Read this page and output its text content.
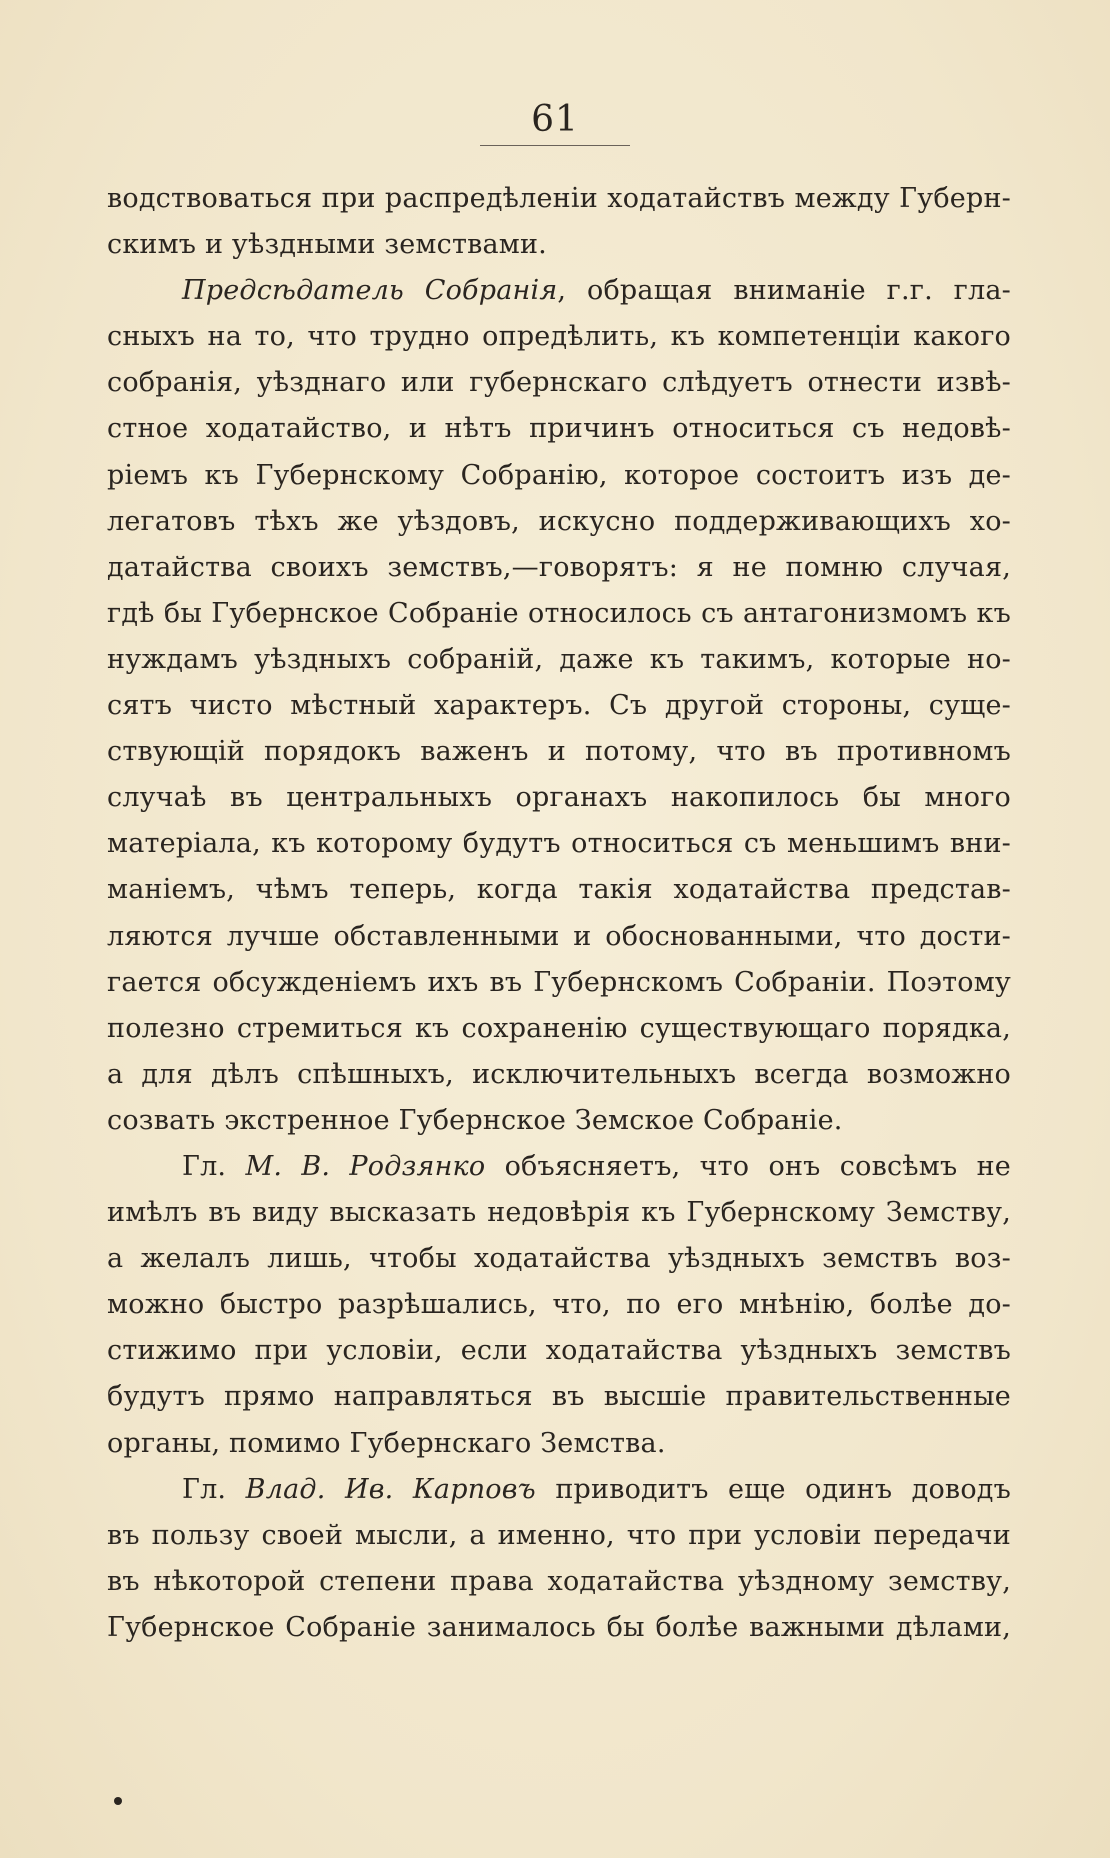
61
водствоваться при распредѣленіи ходатайствъ между Губерн-
скимъ и уѣздными земствами.
Предсѣдатель Собранія, обращая вниманіе г.г. гла-
сныхъ на то, что трудно опредѣлить, къ компетенціи какого
собранія, уѣзднаго или губернскаго слѣдуетъ отнести извѣ-
стное ходатайство, и нѣтъ причинъ относиться съ недовѣ-
ріемъ къ Губернскому Собранію, которое состоитъ изъ де-
легатовъ тѣхъ же уѣздовъ, искусно поддерживающихъ хо-
датайства своихъ земствъ,—говорятъ: я не помню случая,
гдѣ бы Губернское Собраніе относилось съ антагонизмомъ къ
нуждамъ уѣздныхъ собраній, даже къ такимъ, которые но-
сятъ чисто мѣстный характеръ. Съ другой стороны, суще-
ствующій порядокъ важенъ и потому, что въ противномъ
случаѣ въ центральныхъ органахъ накопилось бы много
матеріала, къ которому будутъ относиться съ меньшимъ вни-
маніемъ, чѣмъ теперь, когда такія ходатайства представ-
ляются лучше обставленными и обоснованными, что дости-
гается обсужденіемъ ихъ въ Губернскомъ Собраніи. Поэтому
полезно стремиться къ сохраненію существующаго порядка,
а для дѣлъ спѣшныхъ, исключительныхъ всегда возможно
созвать экстренное Губернское Земское Собраніе.
Гл. М. В. Родзянко объясняетъ, что онъ совсѣмъ не
имѣлъ въ виду высказать недовѣрія къ Губернскому Земству,
а желалъ лишь, чтобы ходатайства уѣздныхъ земствъ воз-
можно быстро разрѣшались, что, по его мнѣнію, болѣе до-
стижимо при условіи, если ходатайства уѣздныхъ земствъ
будутъ прямо направляться въ высшіе правительственные
органы, помимо Губернскаго Земства.
Гл. Влад. Ив. Карповъ приводитъ еще одинъ доводъ
въ пользу своей мысли, а именно, что при условіи передачи
въ нѣкоторой степени права ходатайства уѣздному земству,
Губернское Собраніе занималось бы болѣе важными дѣлами,
